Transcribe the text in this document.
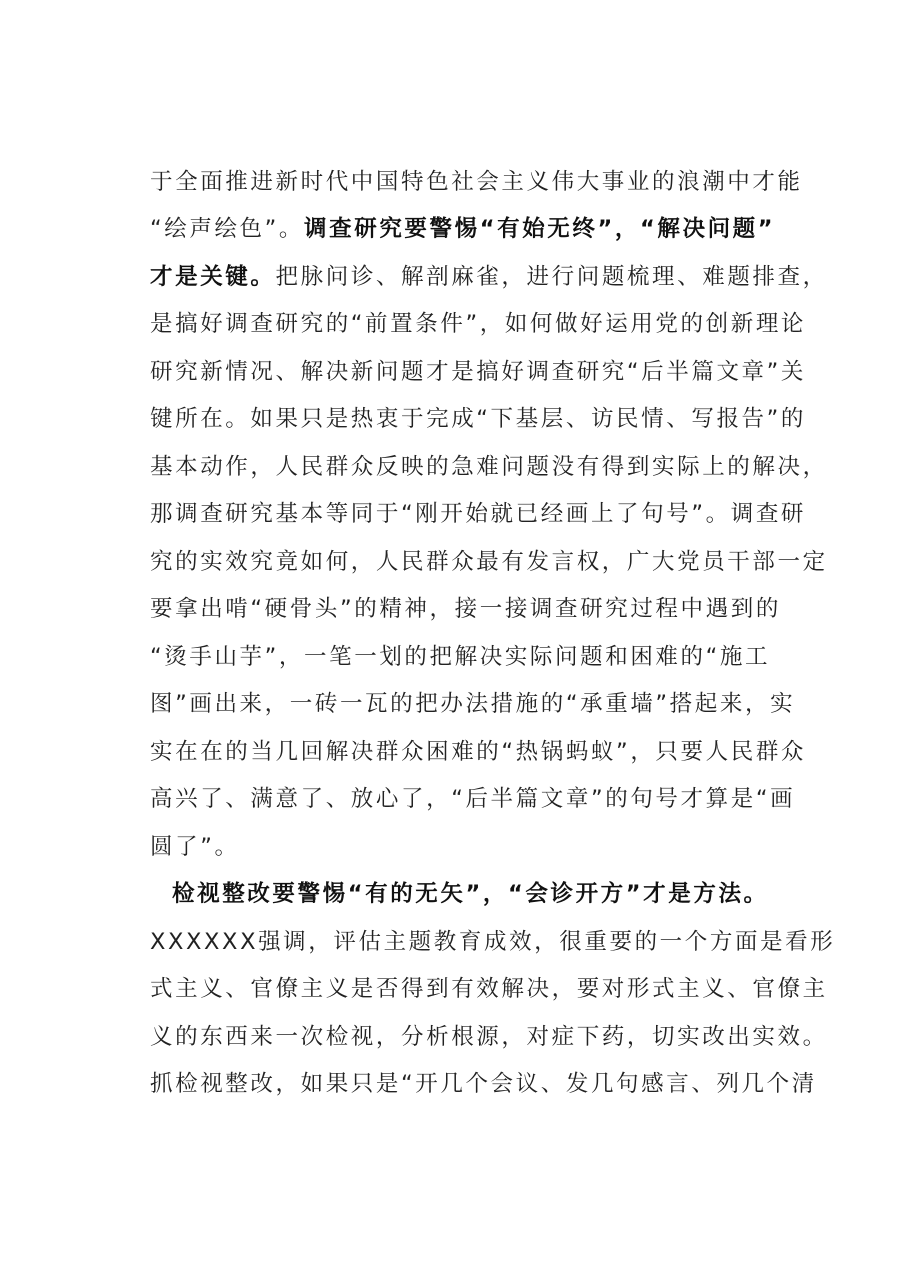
于全面推进新时代中国特色社会主义伟大事业的浪潮中才能
“绘声绘色”。调查研究要警惕“有始无终”，“解决问题”
才是关键。把脉问诊、解剖麻雀，进行问题梳理、难题排查，
是搞好调查研究的“前置条件”，如何做好运用党的创新理论
研究新情况、解决新问题才是搞好调查研究“后半篇文章”关
键所在。如果只是热衷于完成“下基层、访民情、写报告”的
基本动作，人民群众反映的急难问题没有得到实际上的解决，
那调查研究基本等同于“刚开始就已经画上了句号”。调查研
究的实效究竟如何，人民群众最有发言权，广大党员干部一定
要拿出啃“硬骨头”的精神，接一接调查研究过程中遇到的
“烫手山芋”，一笔一划的把解决实际问题和困难的“施工
图”画出来，一砖一瓦的把办法措施的“承重墙”搭起来，实
实在在的当几回解决群众困难的“热锅蚂蚁”，只要人民群众
高兴了、满意了、放心了，“后半篇文章”的句号才算是“画
圆了”。
检视整改要警惕“有的无矢”，“会诊开方”才是方法。
XXXXXX强调，评估主题教育成效，很重要的一个方面是看形
式主义、官僚主义是否得到有效解决，要对形式主义、官僚主
义的东西来一次检视，分析根源，对症下药，切实改出实效。
抓检视整改，如果只是“开几个会议、发几句感言、列几个清
